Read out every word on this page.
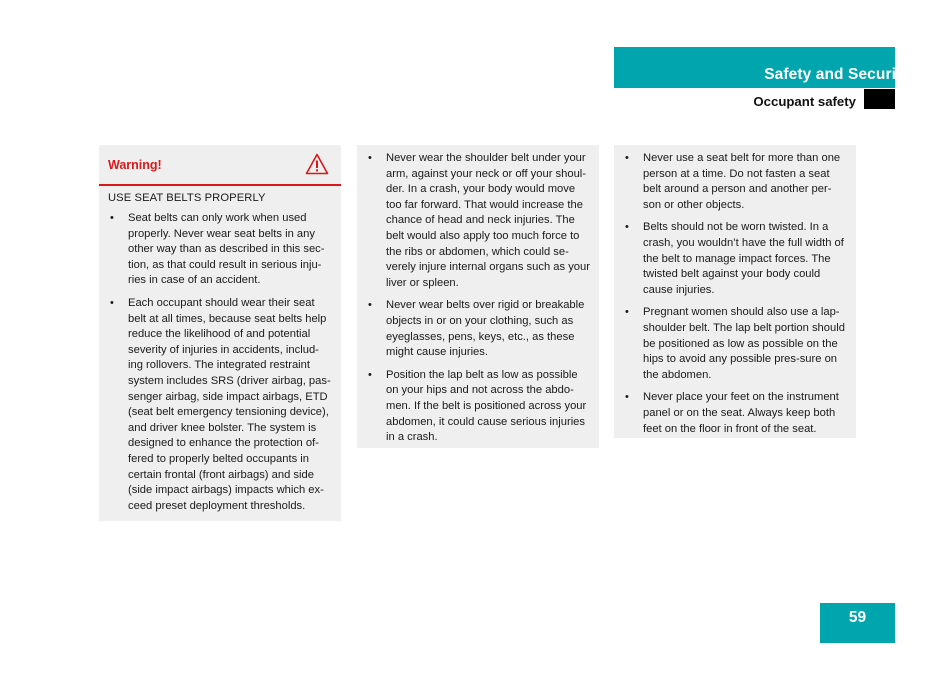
Safety and Security
Occupant safety
Warning!
USE SEAT BELTS PROPERLY
• Seat belts can only work when used properly. Never wear seat belts in any other way than as described in this sec-tion, as that could result in serious inju-ries in case of an accident.
• Each occupant should wear their seat belt at all times, because seat belts help reduce the likelihood of and potential severity of injuries in accidents, includ-ing rollovers. The integrated restraint system includes SRS (driver airbag, pas-senger airbag, side impact airbags, ETD (seat belt emergency tensioning device), and driver knee bolster. The system is designed to enhance the protection of-fered to properly belted occupants in certain frontal (front airbags) and side (side impact airbags) impacts which ex-ceed preset deployment thresholds.
• Never wear the shoulder belt under your arm, against your neck or off your shoul-der. In a crash, your body would move too far forward. That would increase the chance of head and neck injuries. The belt would also apply too much force to the ribs or abdomen, which could se-verely injure internal organs such as your liver or spleen.
• Never wear belts over rigid or breakable objects in or on your clothing, such as eyeglasses, pens, keys, etc., as these might cause injuries.
• Position the lap belt as low as possible on your hips and not across the abdo-men. If the belt is positioned across your abdomen, it could cause serious injuries in a crash.
• Never use a seat belt for more than one person at a time. Do not fasten a seat belt around a person and another per-son or other objects.
• Belts should not be worn twisted. In a crash, you wouldn’t have the full width of the belt to manage impact forces. The twisted belt against your body could cause injuries.
• Pregnant women should also use a lap-shoulder belt. The lap belt portion should be positioned as low as possible on the hips to avoid any possible pres-sure on the abdomen.
• Never place your feet on the instrument panel or on the seat. Always keep both feet on the floor in front of the seat.
59
